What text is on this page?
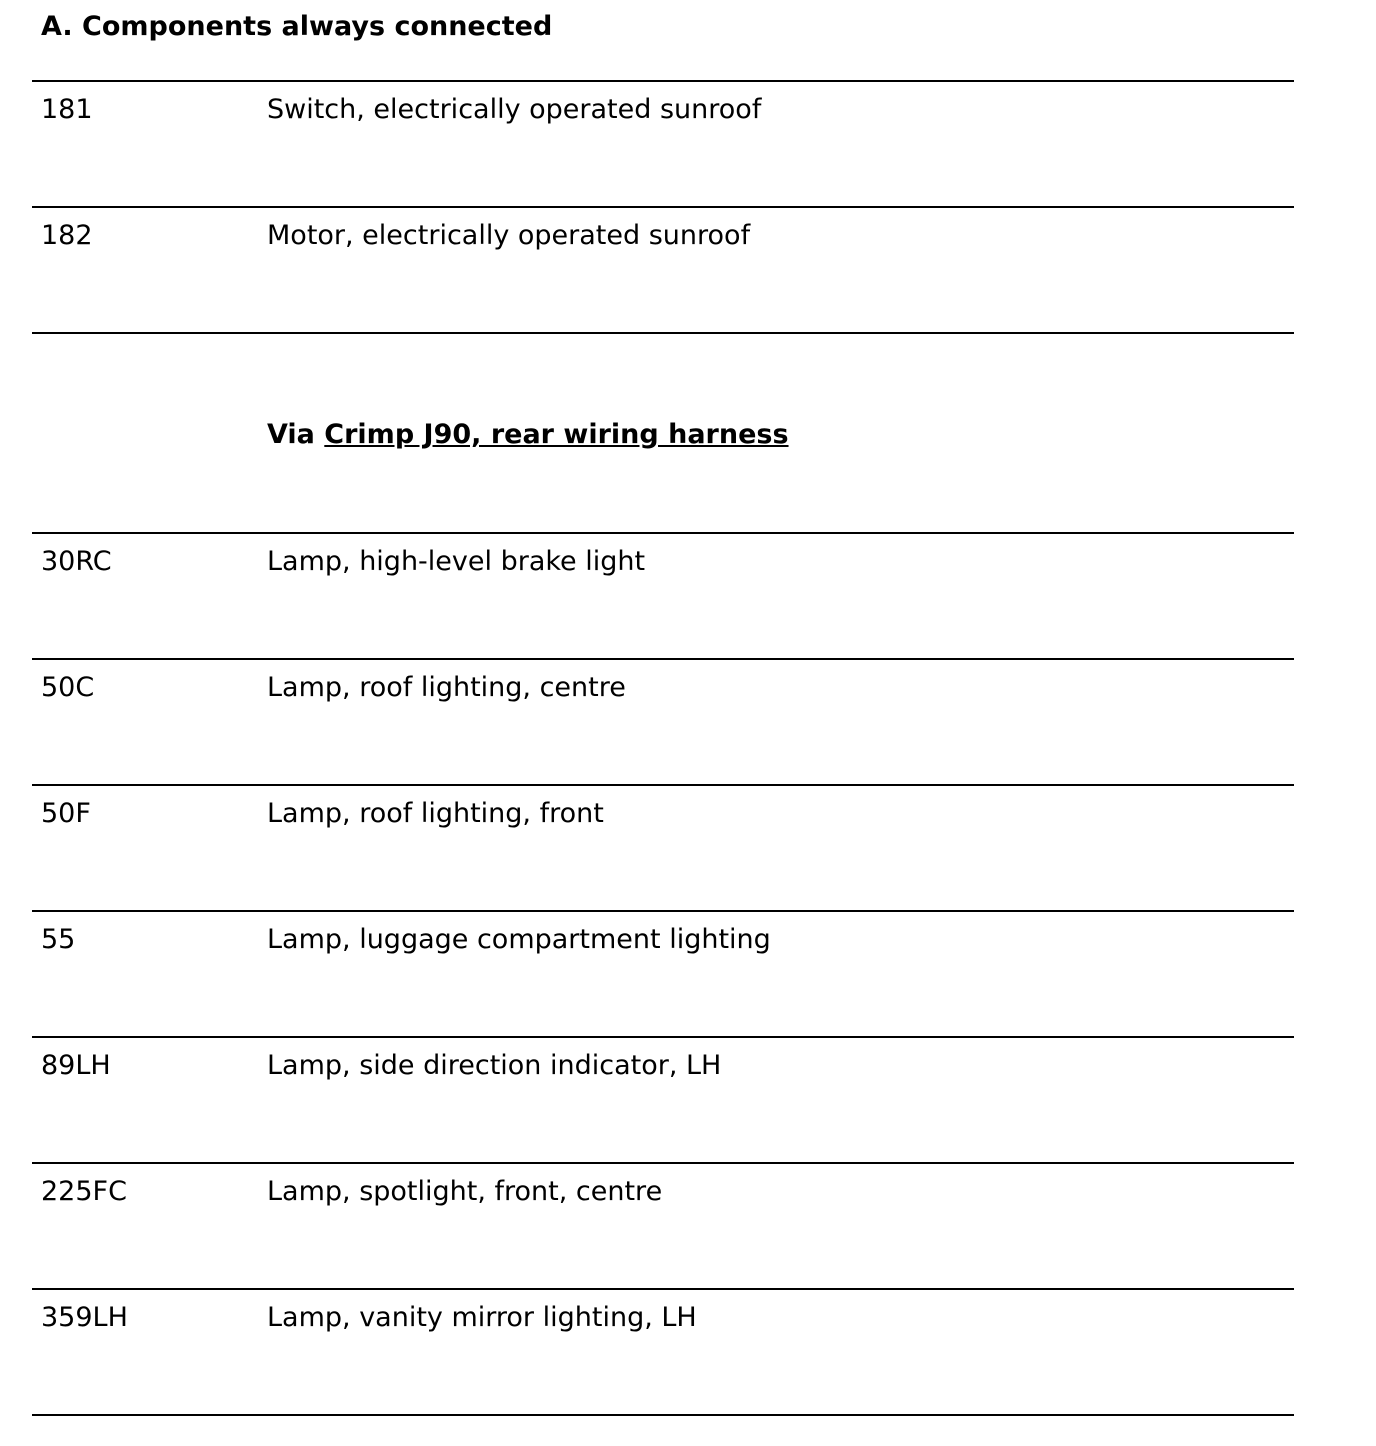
A. Components always connected
181	Switch, electrically operated sunroof
182	Motor, electrically operated sunroof
Via Crimp J90, rear wiring harness
30RC	Lamp, high-level brake light
50C	Lamp, roof lighting, centre
50F	Lamp, roof lighting, front
55	Lamp, luggage compartment lighting
89LH	Lamp, side direction indicator, LH
225FC	Lamp, spotlight, front, centre
359LH	Lamp, vanity mirror lighting, LH
